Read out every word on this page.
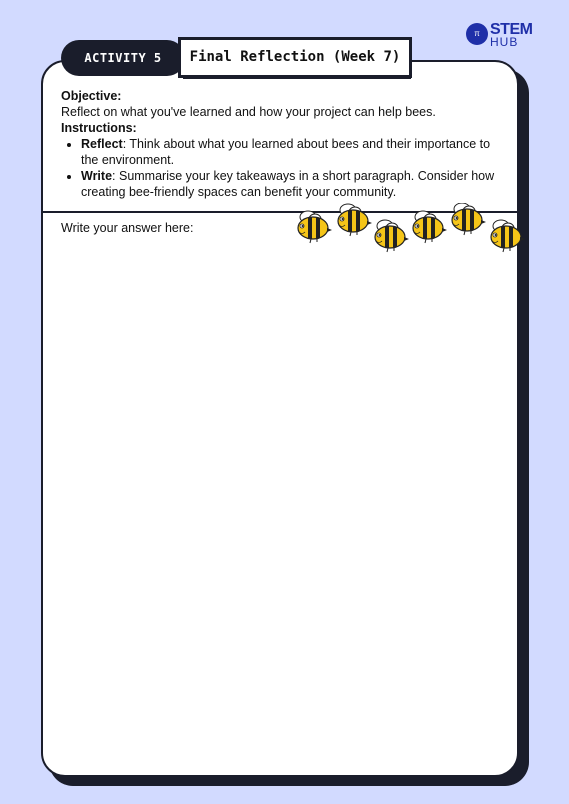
π STEM
HUB
ACTIVITY 5	Final Reflection (Week 7)
Objective:
Reflect on what you've learned and how your project can help bees.
Instructions:
• Reflect: Think about what you learned about bees and their importance to the environment.
• Write: Summarise your key takeaways in a short paragraph. Consider how creating bee-friendly spaces can benefit your community.
Write your answer here:
